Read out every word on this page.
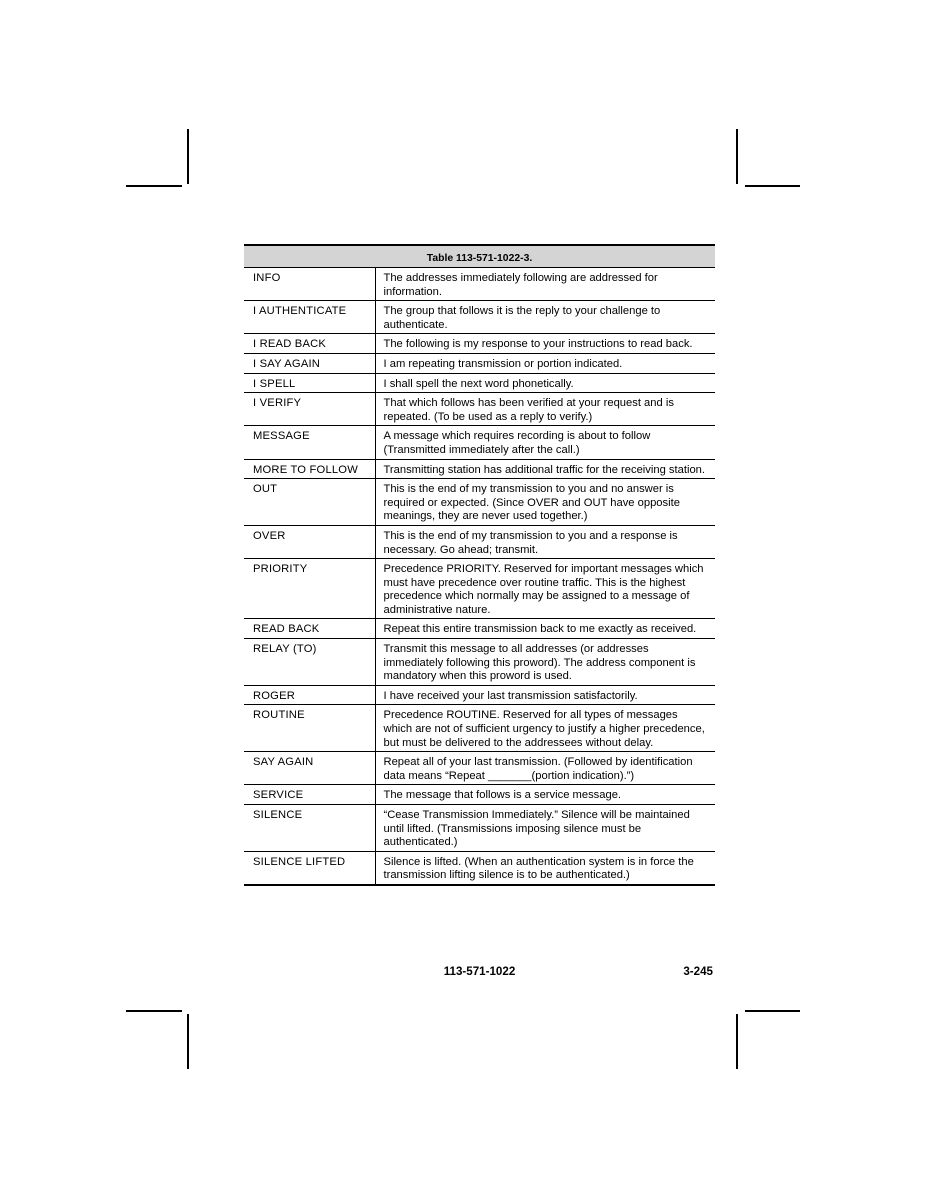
Table 113-571-1022-3.	
INFO	The addresses immediately following are addressed for information.
I AUTHENTICATE	The group that follows it is the reply to your challenge to authenticate.
I READ BACK	The following is my response to your instructions to read back.
I SAY AGAIN	I am repeating transmission or portion indicated.
I SPELL	I shall spell the next word phonetically.
I VERIFY	That which follows has been verified at your request and is repeated. (To be used as a reply to verify.)
MESSAGE	A message which requires recording is about to follow (Transmitted immediately after the call.)
MORE TO FOLLOW	Transmitting station has additional traffic for the receiving station.
OUT	This is the end of my transmission to you and no answer is required or expected. (Since OVER and OUT have opposite meanings, they are never used together.)
OVER	This is the end of my transmission to you and a response is necessary. Go ahead; transmit.
PRIORITY	Precedence PRIORITY. Reserved for important messages which must have precedence over routine traffic. This is the highest precedence which normally may be assigned to a message of administrative nature.
READ BACK	Repeat this entire transmission back to me exactly as received.
RELAY (TO)	Transmit this message to all addresses (or addresses immediately following this proword). The address component is mandatory when this proword is used.
ROGER	I have received your last transmission satisfactorily.
ROUTINE	Precedence ROUTINE. Reserved for all types of messages which are not of sufficient urgency to justify a higher precedence, but must be delivered to the addressees without delay.
SAY AGAIN	Repeat all of your last transmission. (Followed by identification data means “Repeat _______(portion indication).”)
SERVICE	The message that follows is a service message.
SILENCE	“Cease Transmission Immediately.” Silence will be maintained until lifted. (Transmissions imposing silence must be authenticated.)
SILENCE LIFTED	Silence is lifted. (When an authentication system is in force the transmission lifting silence is to be authenticated.)
113-571-1022	3-245
